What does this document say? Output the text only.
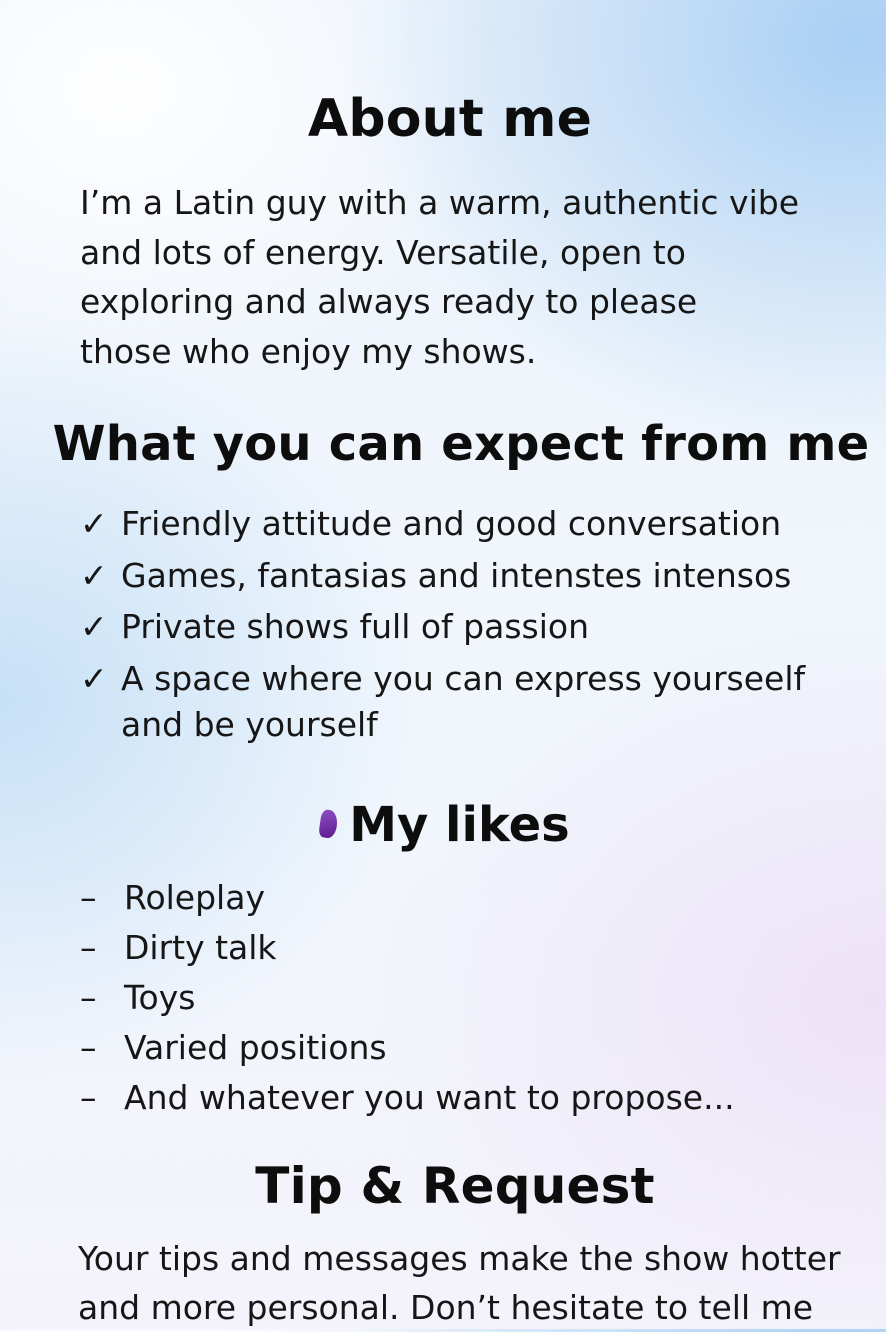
About me

I’m a Latin guy with a warm, authentic vibe
and lots of energy. Versatile, open to
exploring and always ready to please
those who enjoy my shows.

What you can expect from me
✓ Friendly attitude and good conversation
✓ Games, fantasias and intenstes intensos
✓ Private shows full of passion
✓ A space where you can express yourseelf and be yourself
My likes
– Roleplay
– Dirty talk
– Toys
– Varied positions
– And whatever you want to propose...
Tip & Request

Your tips and messages make the show hotter
and more personal. Don’t hesitate to tell me
